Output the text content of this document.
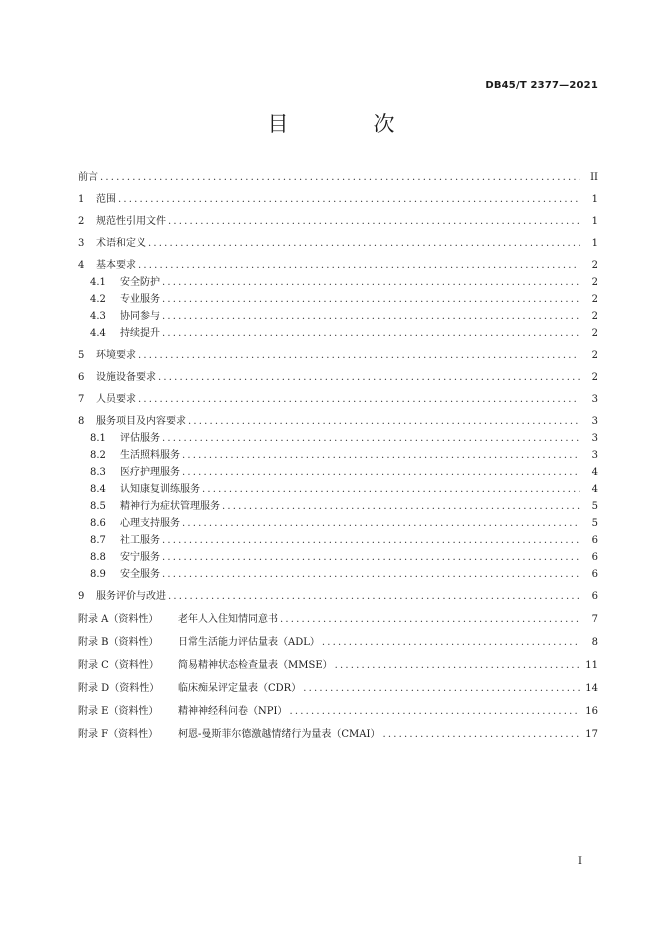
DB45/T 2377—2021
目　次
前言 .....	II
1 范围 .....	1
2 规范性引用文件 .....	1
3 术语和定义 .....	1
4 基本要求 .....	2
4.1 安全防护 .....	2
4.2 专业服务 .....	2
4.3 协同参与 .....	2
4.4 持续提升 .....	2
5 环境要求 .....	2
6 设施设备要求 .....	2
7 人员要求 .....	3
8 服务项目及内容要求 .....	3
8.1 评估服务 .....	3
8.2 生活照料服务 .....	3
8.3 医疗护理服务 .....	4
8.4 认知康复训练服务 .....	4
8.5 精神行为症状管理服务 .....	5
8.6 心理支持服务 .....	5
8.7 社工服务 .....	6
8.8 安宁服务 .....	6
8.9 安全服务 .....	6
9 服务评价与改进 .....	6
附录 A（资料性） 老年人入住知情同意书 .....	7
附录 B（资料性） 日常生活能力评估量表（ADL） .....	8
附录 C（资料性） 简易精神状态检查量表（MMSE） .....	11
附录 D（资料性） 临床痴呆评定量表（CDR） .....	14
附录 E（资料性） 精神神经科问卷（NPI） .....	16
附录 F（资料性） 柯恩-曼斯菲尔德激越情绪行为量表（CMAI） .....	17
I
